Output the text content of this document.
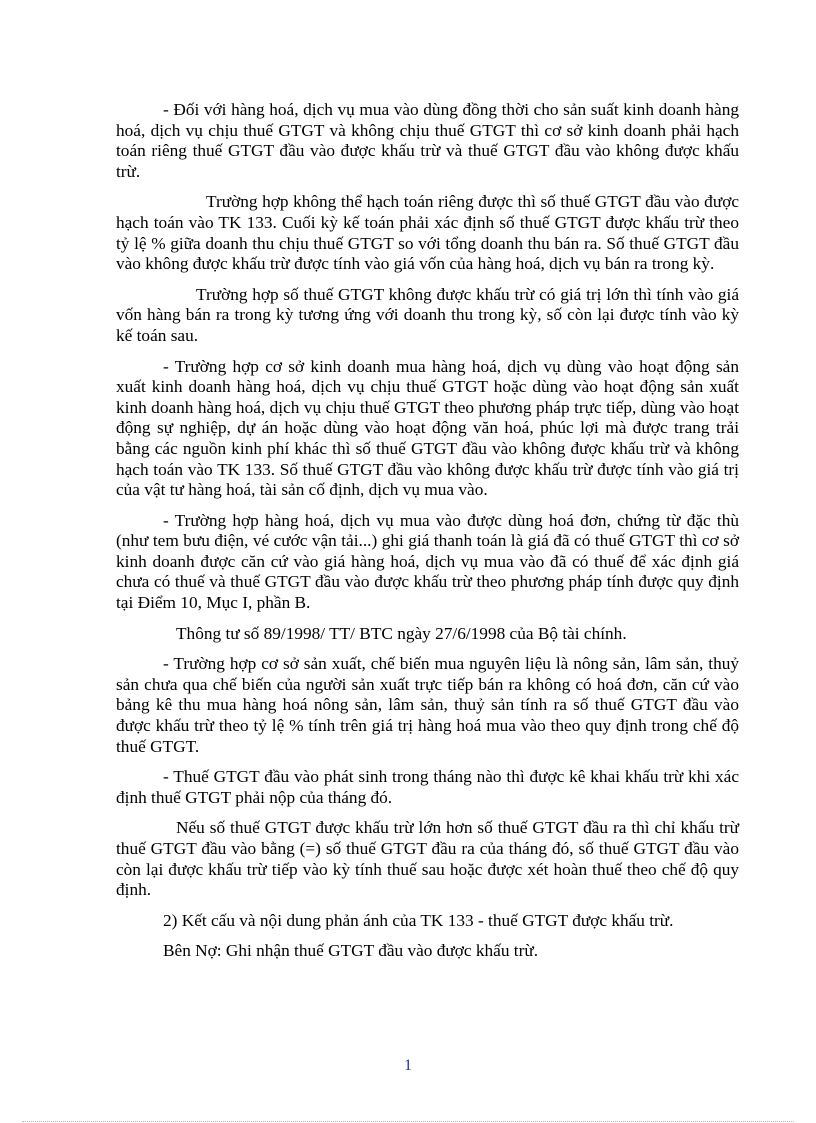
- Đối với hàng hoá, dịch vụ mua vào dùng đồng thời cho sản suất kinh doanh hàng hoá, dịch vụ chịu thuế GTGT và không chịu thuế GTGT thì cơ sở kinh doanh phải hạch toán riêng thuế GTGT đầu vào được khấu trừ và thuế GTGT đầu vào không được khấu trừ.

Trường hợp không thể hạch toán riêng được thì số thuế GTGT đầu vào được hạch toán vào TK 133. Cuối kỳ kế toán phải xác định số thuế GTGT được khấu trừ theo tỷ lệ % giữa doanh thu chịu thuế GTGT so với tổng doanh thu bán ra. Số thuế GTGT đầu vào không được khấu trừ được tính vào giá vốn của hàng hoá, dịch vụ bán ra trong kỳ.

Trường hợp số thuế GTGT không được khấu trừ có giá trị lớn thì tính vào giá vốn hàng bán ra trong kỳ tương ứng với doanh thu trong kỳ, số còn lại được tính vào kỳ kế toán sau.

- Trường hợp cơ sở kinh doanh mua hàng hoá, dịch vụ dùng vào hoạt động sản xuất kinh doanh hàng hoá, dịch vụ chịu thuế GTGT hoặc dùng vào hoạt động sản xuất kinh doanh hàng hoá, dịch vụ chịu thuế GTGT theo phương pháp trực tiếp, dùng vào hoạt động sự nghiệp, dự án hoặc dùng vào hoạt động văn hoá, phúc lợi mà được trang trải bằng các nguồn kinh phí khác thì số thuế GTGT đầu vào không được khấu trừ và không hạch toán vào TK 133. Số thuế GTGT đầu vào không được khấu trừ được tính vào giá trị của vật tư hàng hoá, tài sản cố định, dịch vụ mua vào.

- Trường hợp hàng hoá, dịch vụ mua vào được dùng hoá đơn, chứng từ đặc thù (như tem bưu điện, vé cước vận tải...) ghi giá thanh toán là giá đã có thuế GTGT thì cơ sở kinh doanh được căn cứ vào giá hàng hoá, dịch vụ mua vào đã có thuế để xác định giá chưa có thuế và thuế GTGT đầu vào được khấu trừ theo phương pháp tính được quy định tại Điểm 10, Mục I, phần B.

Thông tư số 89/1998/ TT/ BTC ngày 27/6/1998 của Bộ tài chính.

- Trường hợp cơ sở sản xuất, chế biến mua nguyên liệu là nông sản, lâm sản, thuỷ sản chưa qua chế biến của người sản xuất trực tiếp bán ra không có hoá đơn, căn cứ vào bảng kê thu mua hàng hoá nông sản, lâm sản, thuỷ sản tính ra số thuế GTGT đầu vào được khấu trừ theo tỷ lệ % tính trên giá trị hàng hoá mua vào theo quy định trong chế độ thuế GTGT.

- Thuế GTGT đầu vào phát sinh trong tháng nào thì được kê khai khấu trừ khi xác định thuế GTGT phải nộp của tháng đó.

Nếu số thuế GTGT được khấu trừ lớn hơn số thuế GTGT đầu ra thì chỉ khấu trừ thuế GTGT đầu vào bằng (=) số thuế GTGT đầu ra của tháng đó, số thuế GTGT đầu vào còn lại được khấu trừ tiếp vào kỳ tính thuế sau hoặc được xét hoàn thuế theo chế độ quy định.

2) Kết cấu và nội dung phản ánh của TK 133 - thuế GTGT được khấu trừ.

Bên Nợ: Ghi nhận thuế GTGT đầu vào được khấu trừ.

1
